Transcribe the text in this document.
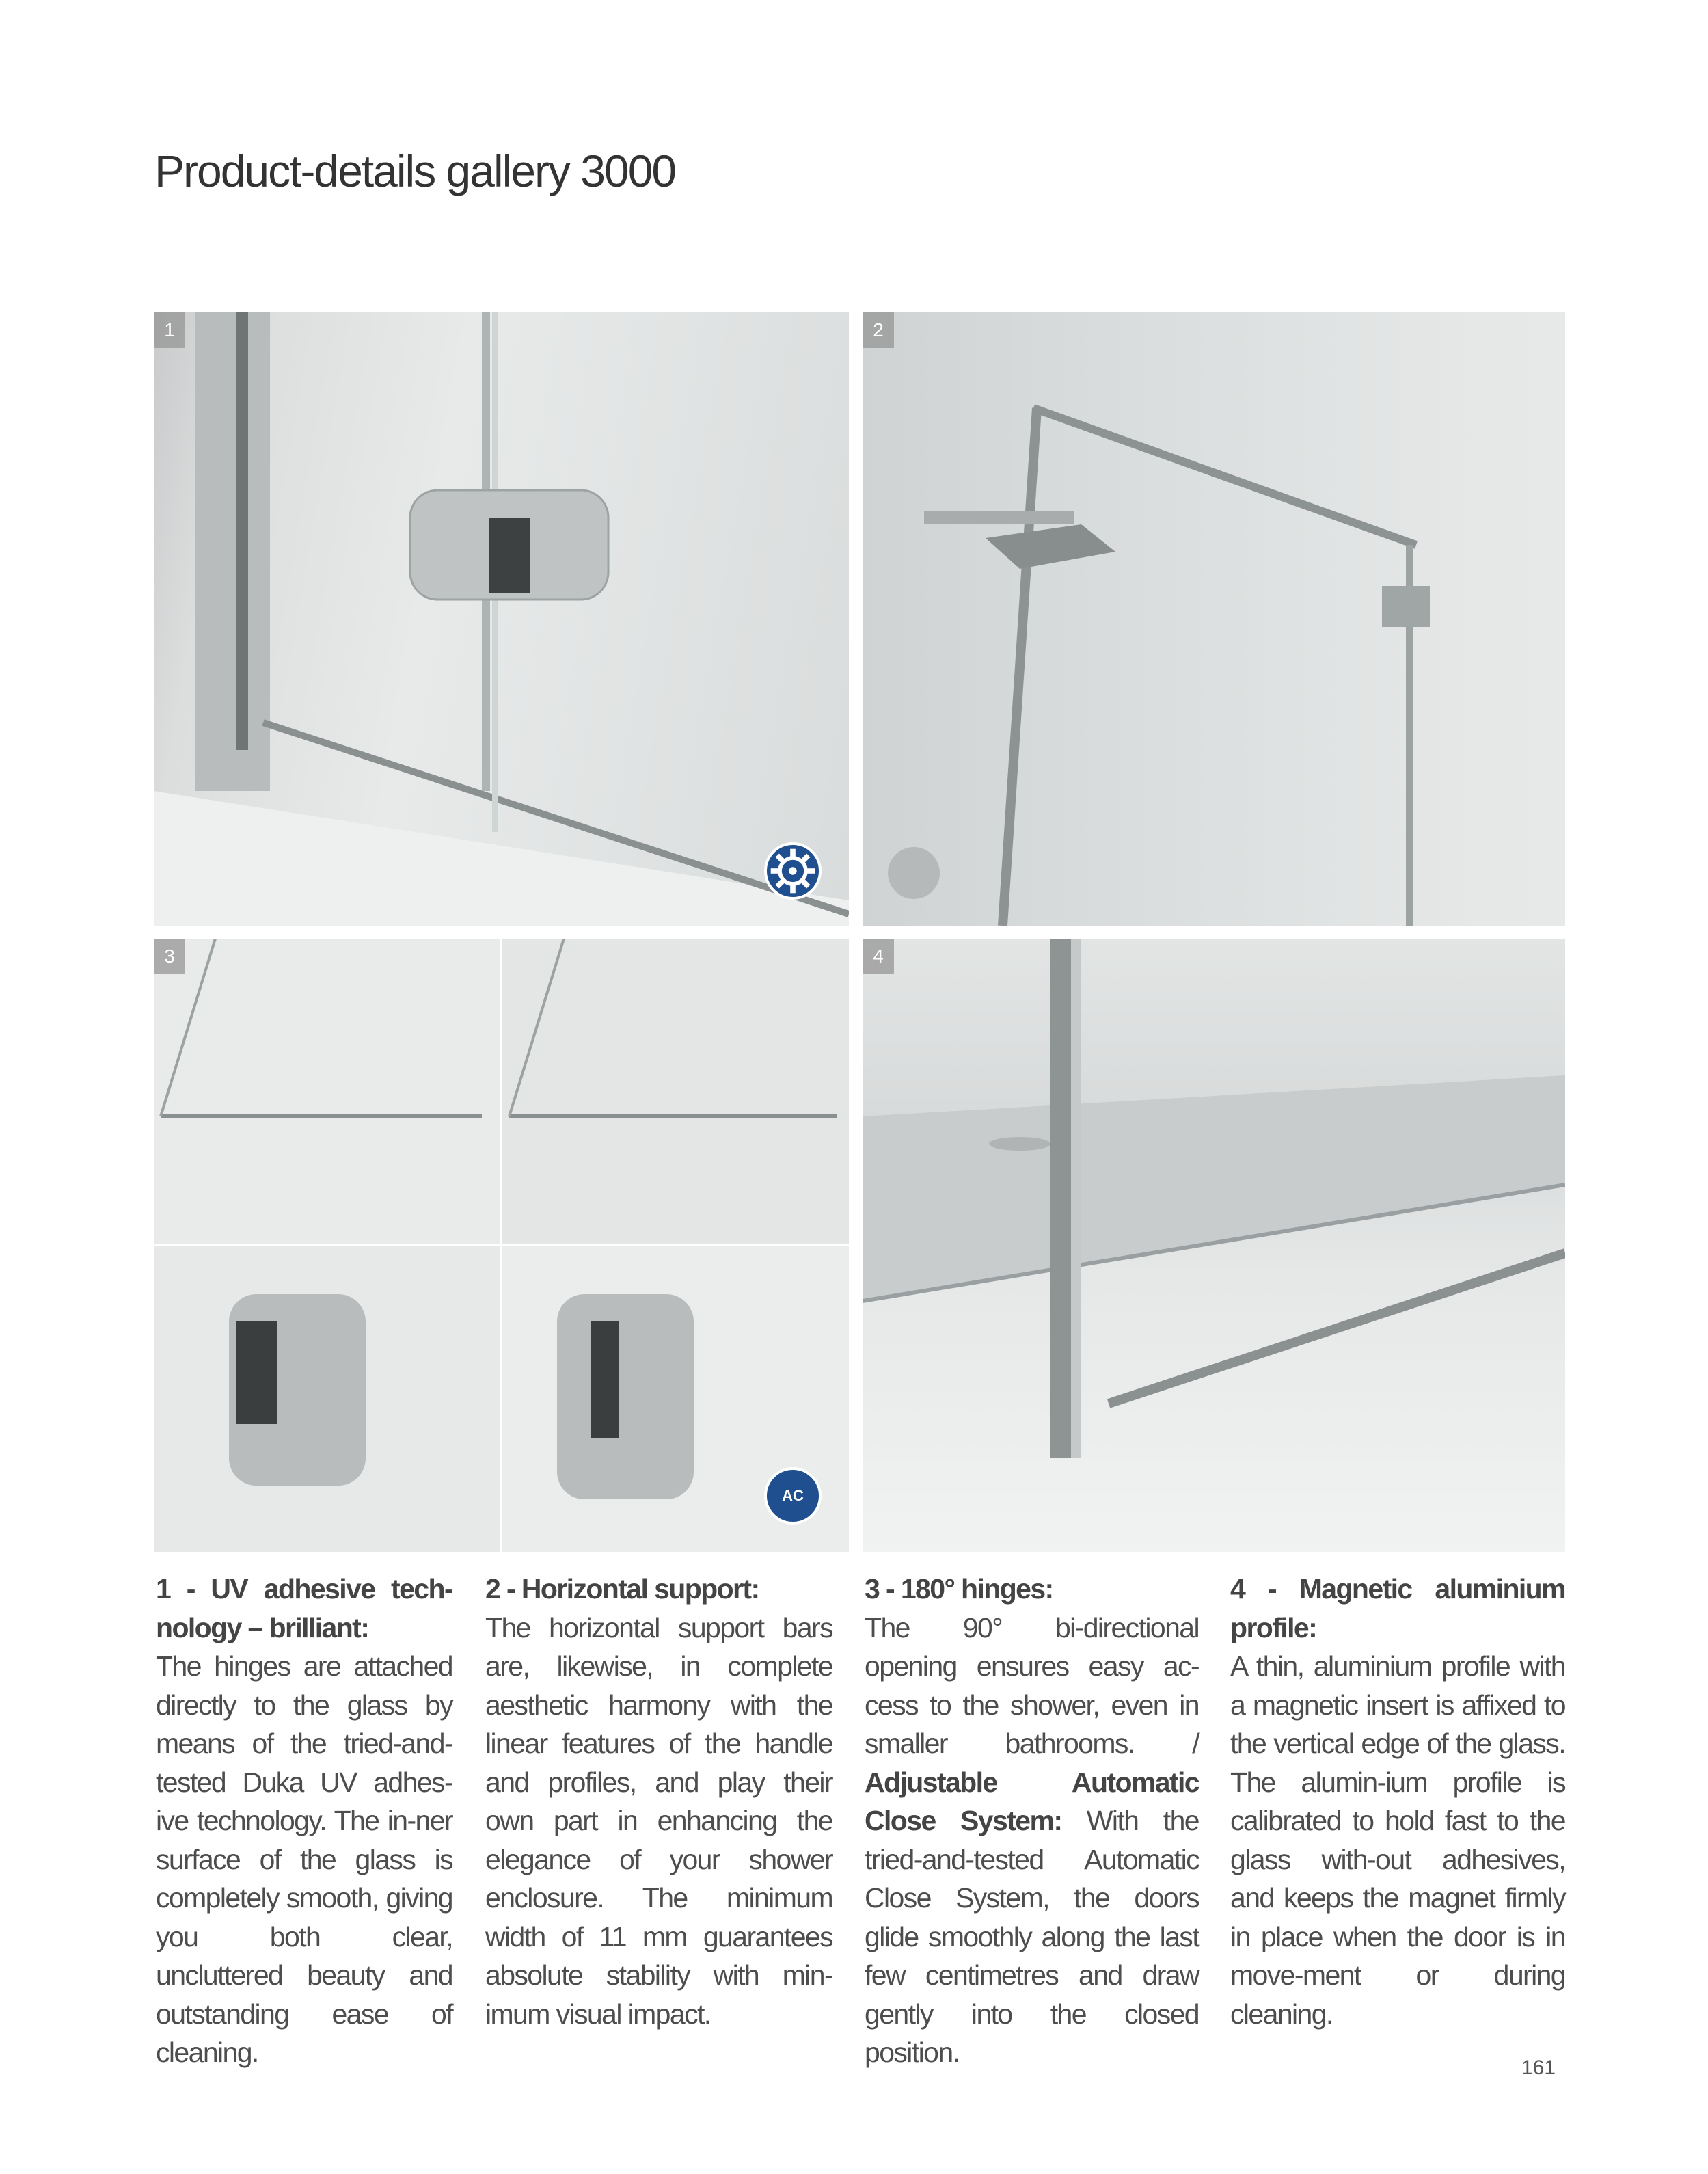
Product-details gallery 3000
1	2
3
AC
4
1 - UV adhesive tech-nology – brilliant:
The hinges are attached directly to the glass by means of the tried-and-tested Duka UV adhes-ive technology. The in-ner surface of the glass is completely smooth, giving you both clear, uncluttered beauty and outstanding ease of cleaning.
2 - Horizontal support:
The horizontal support bars are, likewise, in complete aesthetic harmony with the linear features of the handle and profiles, and play their own part in enhancing the elegance of your shower enclosure. The minimum width of 11 mm guarantees absolute stability with min-imum visual impact.
3 - 180° hinges:
The 90° bi-directional opening ensures easy ac-cess to the shower, even in smaller bathrooms. / Adjustable Automatic Close System: With the tried-and-tested Automatic Close System, the doors glide smoothly along the last few centimetres and draw gently into the closed position.
4 - Magnetic aluminium profile:
A thin, aluminium profile with a magnetic insert is affixed to the vertical edge of the glass. The alumin-ium profile is calibrated to hold fast to the glass with-out adhesives, and keeps the magnet firmly in place when the door is in move-ment or during cleaning.
161
